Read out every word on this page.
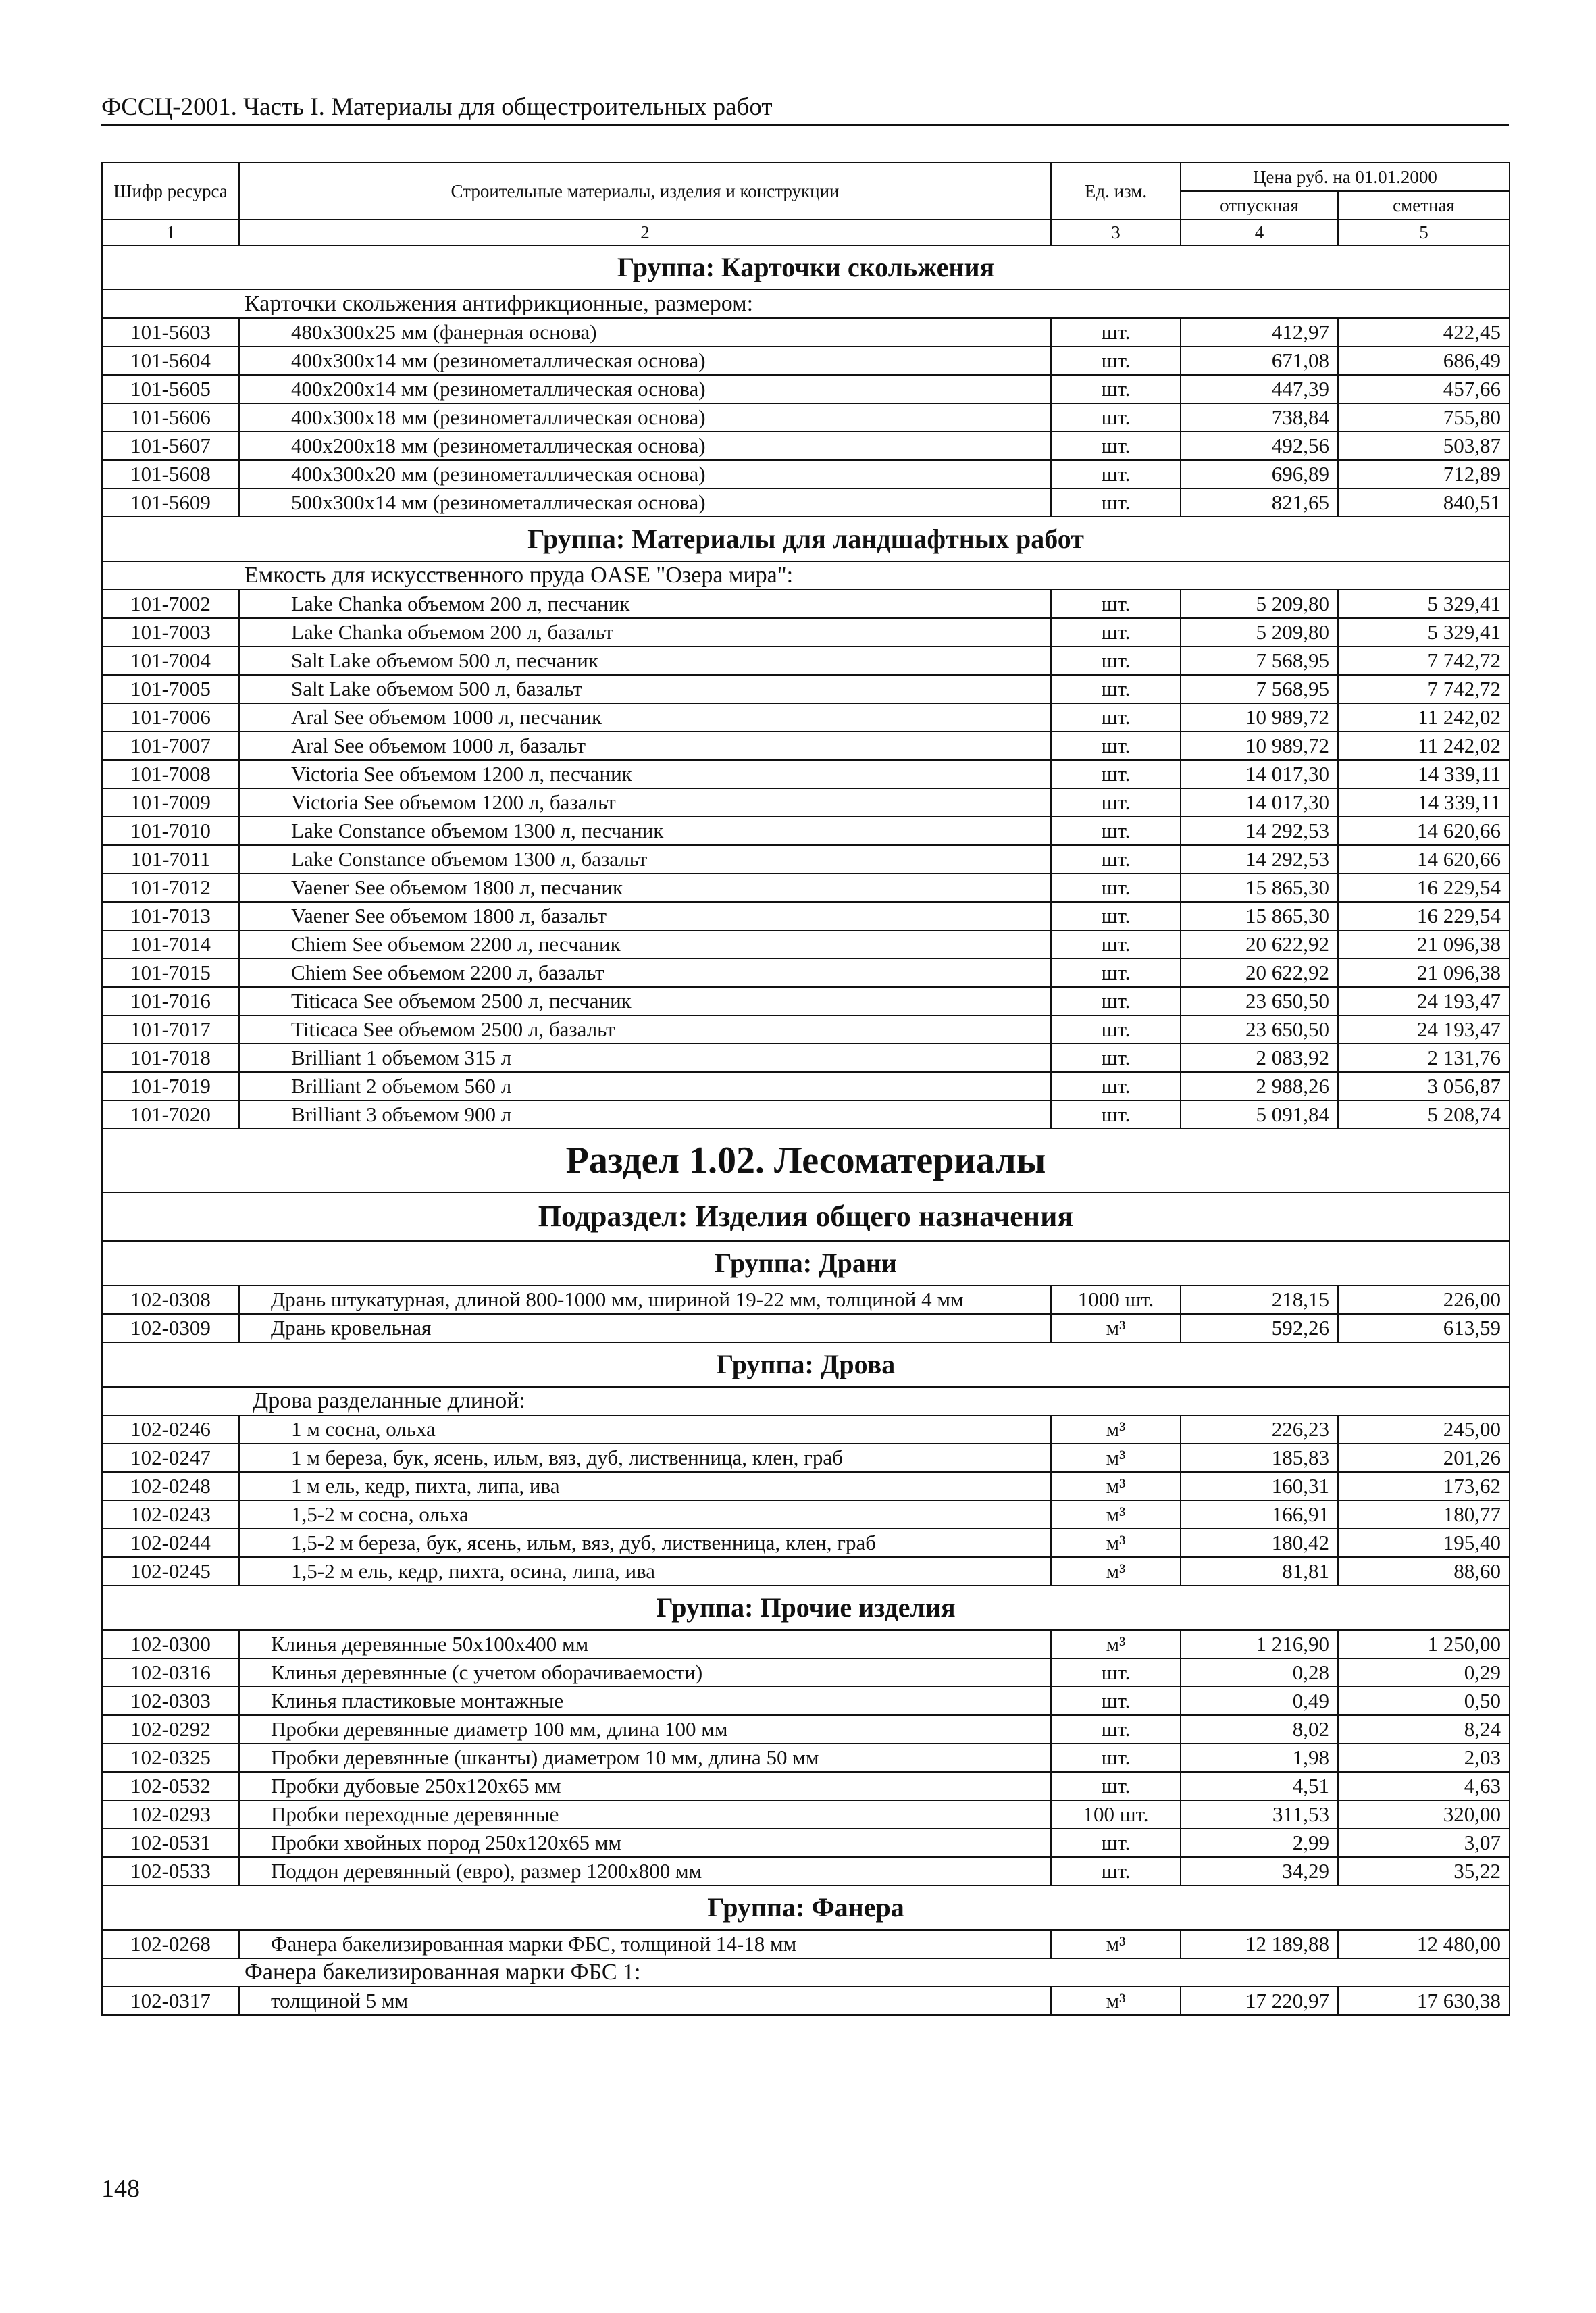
ФССЦ-2001. Часть I. Материалы для общестроительных работ
Шифр ресурса	Строительные материалы, изделия и конструкции	Ед. изм.	Цена руб. на 01.01.2000	
			отпускная	сметная
1	2	3	4	5
Группа: Карточки скольжения				
Карточки скольжения антифрикционные, размером:				
101-5603	480x300x25 мм (фанерная основа)	шт.	412,97	422,45
101-5604	400x300x14 мм (резинометаллическая основа)	шт.	671,08	686,49
101-5605	400x200x14 мм (резинометаллическая основа)	шт.	447,39	457,66
101-5606	400x300x18 мм (резинометаллическая основа)	шт.	738,84	755,80
101-5607	400x200x18 мм (резинометаллическая основа)	шт.	492,56	503,87
101-5608	400x300x20 мм (резинометаллическая основа)	шт.	696,89	712,89
101-5609	500x300x14 мм (резинометаллическая основа)	шт.	821,65	840,51
Группа: Материалы для ландшафтных работ				
Емкость для искусственного пруда OASE "Озера мира":				
101-7002	Lake Chanka объемом 200 л, песчаник	шт.	5 209,80	5 329,41
101-7003	Lake Chanka объемом 200 л, базальт	шт.	5 209,80	5 329,41
101-7004	Salt Lake объемом 500 л, песчаник	шт.	7 568,95	7 742,72
101-7005	Salt Lake объемом 500 л, базальт	шт.	7 568,95	7 742,72
101-7006	Aral See объемом 1000 л, песчаник	шт.	10 989,72	11 242,02
101-7007	Aral See объемом 1000 л, базальт	шт.	10 989,72	11 242,02
101-7008	Victoria See объемом 1200 л, песчаник	шт.	14 017,30	14 339,11
101-7009	Victoria See объемом 1200 л, базальт	шт.	14 017,30	14 339,11
101-7010	Lake Constance объемом 1300 л, песчаник	шт.	14 292,53	14 620,66
101-7011	Lake Constance объемом 1300 л, базальт	шт.	14 292,53	14 620,66
101-7012	Vaener See объемом 1800 л, песчаник	шт.	15 865,30	16 229,54
101-7013	Vaener See объемом 1800 л, базальт	шт.	15 865,30	16 229,54
101-7014	Chiem See объемом 2200 л, песчаник	шт.	20 622,92	21 096,38
101-7015	Chiem See объемом 2200 л, базальт	шт.	20 622,92	21 096,38
101-7016	Titicaca See объемом 2500 л, песчаник	шт.	23 650,50	24 193,47
101-7017	Titicaca See объемом 2500 л, базальт	шт.	23 650,50	24 193,47
101-7018	Brilliant 1 объемом 315 л	шт.	2 083,92	2 131,76
101-7019	Brilliant 2 объемом 560 л	шт.	2 988,26	3 056,87
101-7020	Brilliant 3 объемом 900 л	шт.	5 091,84	5 208,74
Раздел 1.02. Лесоматериалы				
Подраздел: Изделия общего назначения				
Группа: Драни				
102-0308	Дрань штукатурная, длиной 800-1000 мм, шириной 19-22 мм, толщиной 4 мм	1000 шт.	218,15	226,00
102-0309	Дрань кровельная	м³	592,26	613,59
Группа: Дрова				
Дрова разделанные длиной:				
102-0246	1 м сосна, ольха	м³	226,23	245,00
102-0247	1 м береза, бук, ясень, ильм, вяз, дуб, лиственница, клен, граб	м³	185,83	201,26
102-0248	1 м ель, кедр, пихта, липа, ива	м³	160,31	173,62
102-0243	1,5-2 м сосна, ольха	м³	166,91	180,77
102-0244	1,5-2 м береза, бук, ясень, ильм, вяз, дуб, лиственница, клен, граб	м³	180,42	195,40
102-0245	1,5-2 м ель, кедр, пихта, осина, липа, ива	м³	81,81	88,60
Группа: Прочие изделия				
102-0300	Клинья деревянные 50x100x400 мм	м³	1 216,90	1 250,00
102-0316	Клинья деревянные (с учетом оборачиваемости)	шт.	0,28	0,29
102-0303	Клинья пластиковые монтажные	шт.	0,49	0,50
102-0292	Пробки деревянные диаметр 100 мм, длина 100 мм	шт.	8,02	8,24
102-0325	Пробки деревянные (шканты) диаметром 10 мм, длина 50 мм	шт.	1,98	2,03
102-0532	Пробки дубовые 250x120x65 мм	шт.	4,51	4,63
102-0293	Пробки переходные деревянные	100 шт.	311,53	320,00
102-0531	Пробки хвойных пород 250x120x65 мм	шт.	2,99	3,07
102-0533	Поддон деревянный (евро), размер 1200x800 мм	шт.	34,29	35,22
Группа: Фанера				
102-0268	Фанера бакелизированная марки ФБС, толщиной 14-18 мм	м³	12 189,88	12 480,00
Фанера бакелизированная марки ФБС 1:				
102-0317	толщиной 5 мм	м³	17 220,97	17 630,38
148
